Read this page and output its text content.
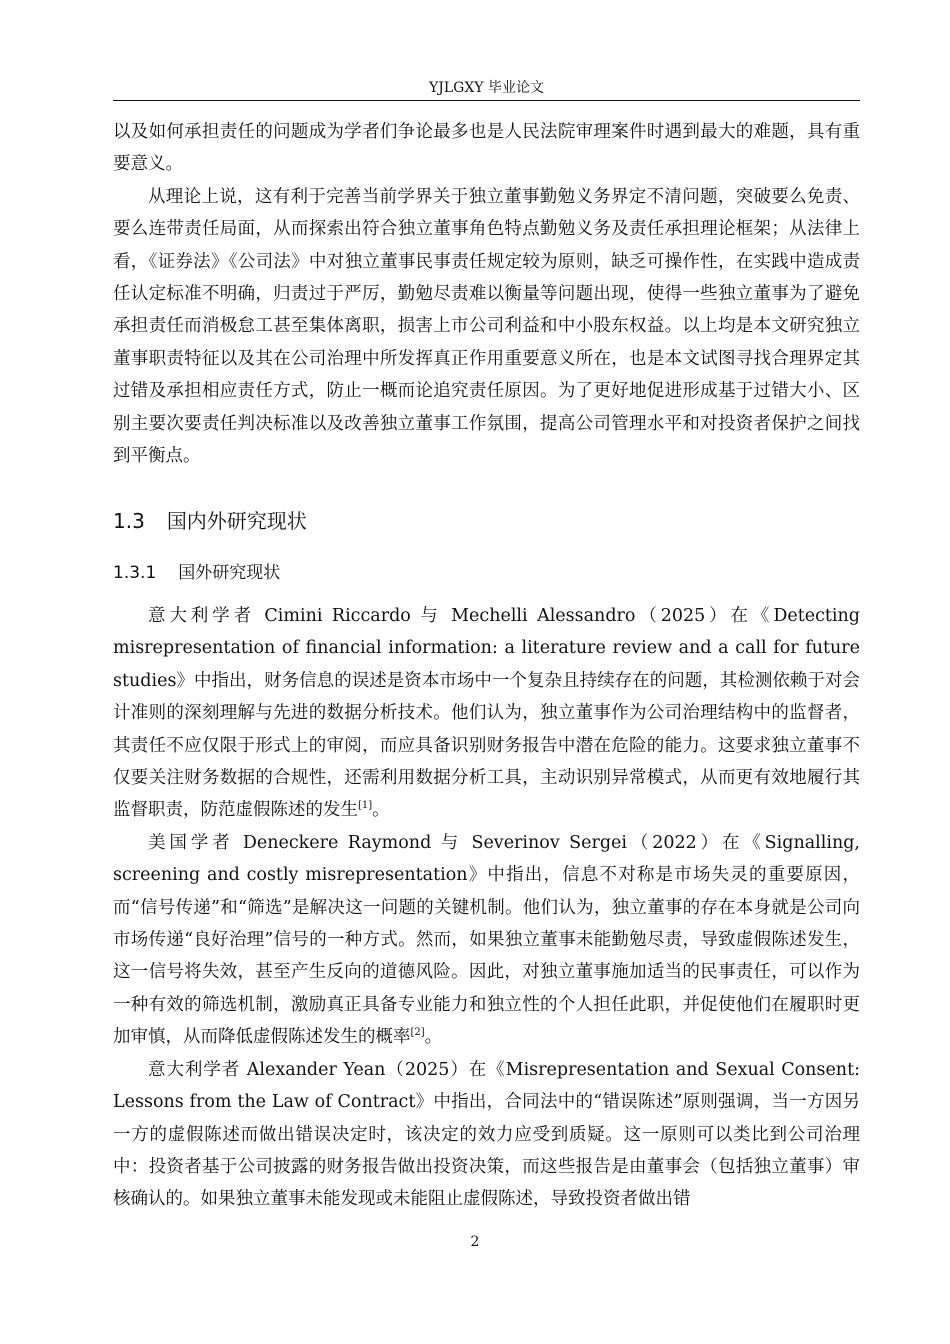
YJLGXY 毕业论文

以及如何承担责任的问题成为学者们争论最多也是人民法院审理案件时遇到最大的难题，具有重要意义。

从理论上说，这有利于完善当前学界关于独立董事勤勉义务界定不清问题，突破要么免责、要么连带责任局面，从而探索出符合独立董事角色特点勤勉义务及责任承担理论框架；从法律上看，《证券法》《公司法》中对独立董事民事责任规定较为原则，缺乏可操作性，在实践中造成责任认定标准不明确，归责过于严厉，勤勉尽责难以衡量等问题出现，使得一些独立董事为了避免承担责任而消极怠工甚至集体离职，损害上市公司利益和中小股东权益。以上均是本文研究独立董事职责特征以及其在公司治理中所发挥真正作用重要意义所在，也是本文试图寻找合理界定其过错及承担相应责任方式，防止一概而论追究责任原因。为了更好地促进形成基于过错大小、区别主要次要责任判决标准以及改善独立董事工作氛围，提高公司管理水平和对投资者保护之间找到平衡点。

1.3 国内外研究现状
1.3.1 国外研究现状

意大利学者 Cimini Riccardo 与 Mechelli Alessandro（2025）在《Detecting misrepresentation of financial information: a literature review and a call for future studies》中指出，财务信息的误述是资本市场中一个复杂且持续存在的问题，其检测依赖于对会计准则的深刻理解与先进的数据分析技术。他们认为，独立董事作为公司治理结构中的监督者，其责任不应仅限于形式上的审阅，而应具备识别财务报告中潜在危险的能力。这要求独立董事不仅要关注财务数据的合规性，还需利用数据分析工具，主动识别异常模式，从而更有效地履行其监督职责，防范虚假陈述的发生[1]。

美国学者 Deneckere Raymond 与 Severinov Sergei（2022）在《Signalling, screening and costly misrepresentation》中指出，信息不对称是市场失灵的重要原因，而“信号传递”和“筛选”是解决这一问题的关键机制。他们认为，独立董事的存在本身就是公司向市场传递“良好治理”信号的一种方式。然而，如果独立董事未能勤勉尽责，导致虚假陈述发生，这一信号将失效，甚至产生反向的道德风险。因此，对独立董事施加适当的民事责任，可以作为一种有效的筛选机制，激励真正具备专业能力和独立性的个人担任此职，并促使他们在履职时更加审慎，从而降低虚假陈述发生的概率[2]。

意大利学者 Alexander Yean（2025）在《Misrepresentation and Sexual Consent: Lessons from the Law of Contract》中指出，合同法中的“错误陈述”原则强调，当一方因另一方的虚假陈述而做出错误决定时，该决定的效力应受到质疑。这一原则可以类比到公司治理中：投资者基于公司披露的财务报告做出投资决策，而这些报告是由董事会（包括独立董事）审核确认的。如果独立董事未能发现或未能阻止虚假陈述，导致投资者做出错

2
